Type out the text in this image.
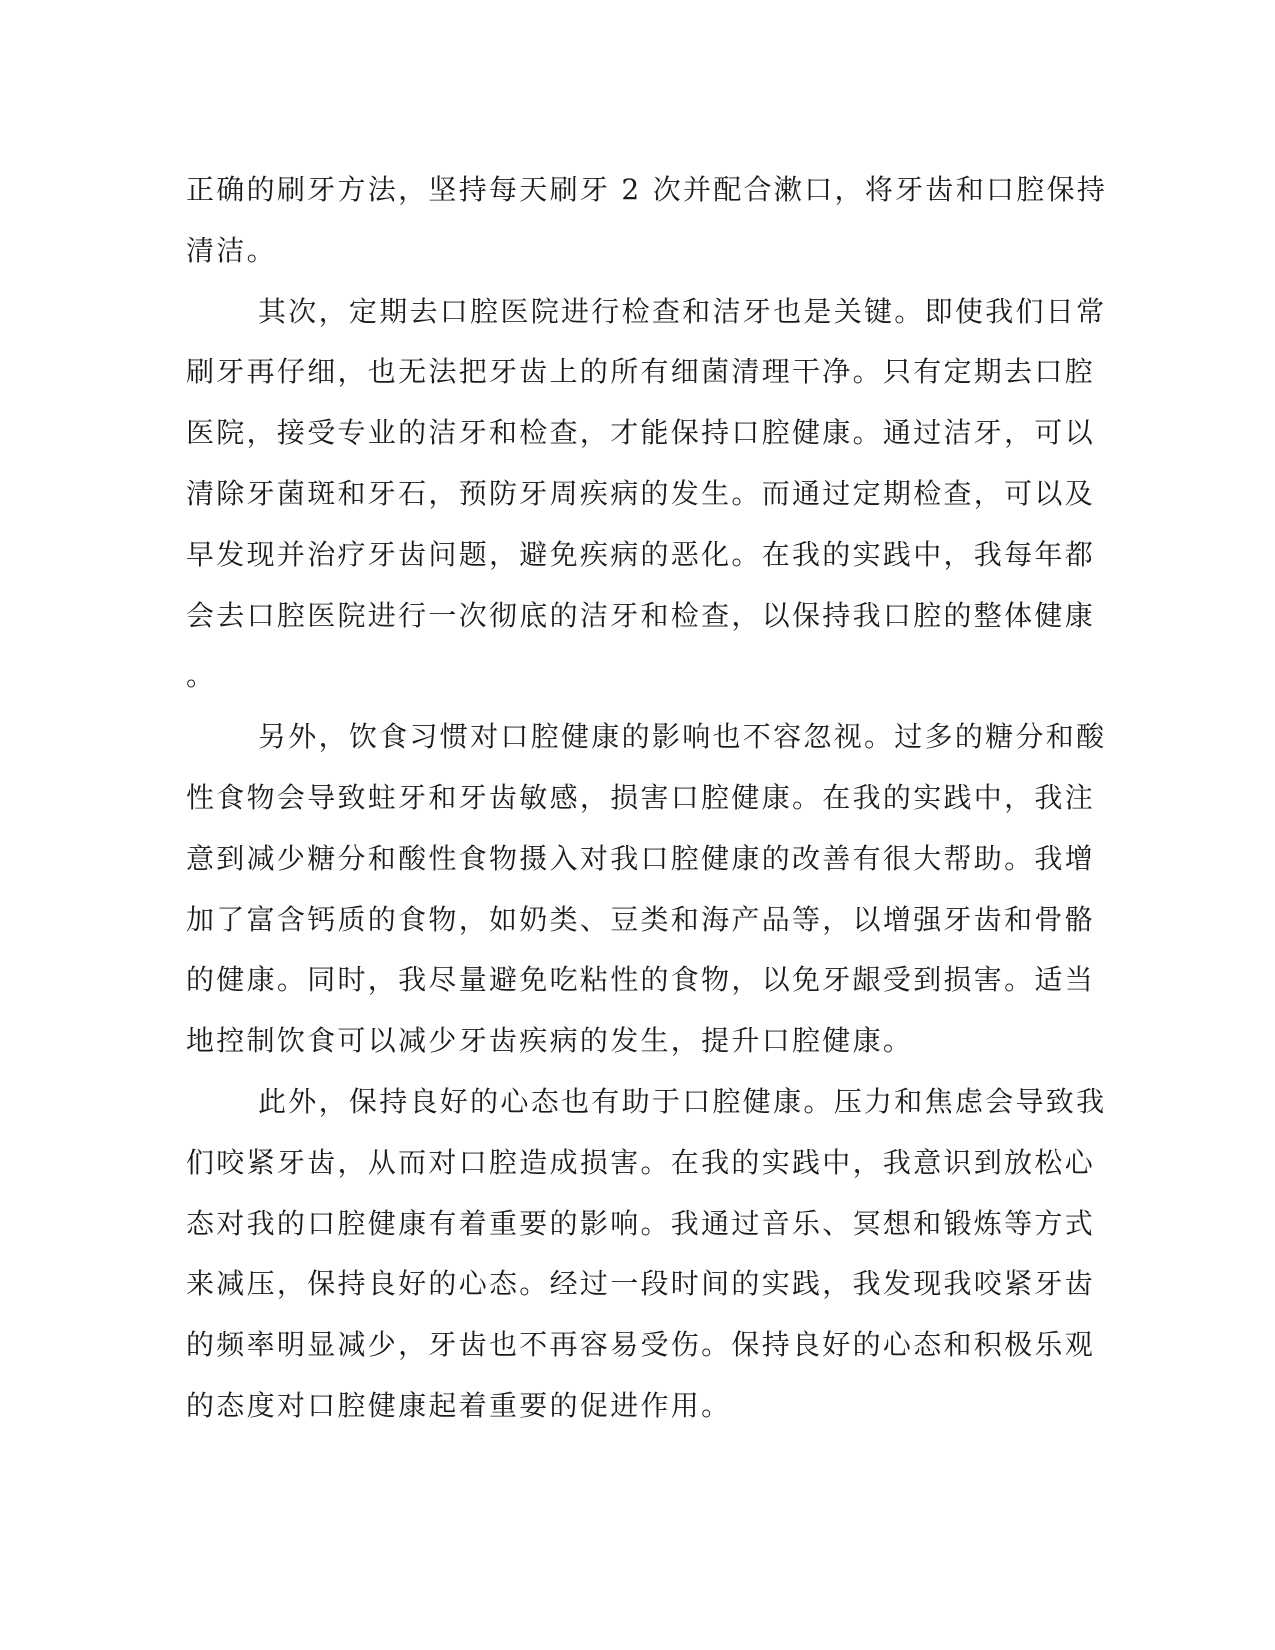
正确的刷牙方法，坚持每天刷牙 2 次并配合漱口，将牙齿和口腔保持
清洁。
其次，定期去口腔医院进行检查和洁牙也是关键。即使我们日常
刷牙再仔细，也无法把牙齿上的所有细菌清理干净。只有定期去口腔
医院，接受专业的洁牙和检查，才能保持口腔健康。通过洁牙，可以
清除牙菌斑和牙石，预防牙周疾病的发生。而通过定期检查，可以及
早发现并治疗牙齿问题，避免疾病的恶化。在我的实践中，我每年都
会去口腔医院进行一次彻底的洁牙和检查，以保持我口腔的整体健康
。
另外，饮食习惯对口腔健康的影响也不容忽视。过多的糖分和酸
性食物会导致蛀牙和牙齿敏感，损害口腔健康。在我的实践中，我注
意到减少糖分和酸性食物摄入对我口腔健康的改善有很大帮助。我增
加了富含钙质的食物，如奶类、豆类和海产品等，以增强牙齿和骨骼
的健康。同时，我尽量避免吃粘性的食物，以免牙龈受到损害。适当
地控制饮食可以减少牙齿疾病的发生，提升口腔健康。
此外，保持良好的心态也有助于口腔健康。压力和焦虑会导致我
们咬紧牙齿，从而对口腔造成损害。在我的实践中，我意识到放松心
态对我的口腔健康有着重要的影响。我通过音乐、冥想和锻炼等方式
来减压，保持良好的心态。经过一段时间的实践，我发现我咬紧牙齿
的频率明显减少，牙齿也不再容易受伤。保持良好的心态和积极乐观
的态度对口腔健康起着重要的促进作用。
